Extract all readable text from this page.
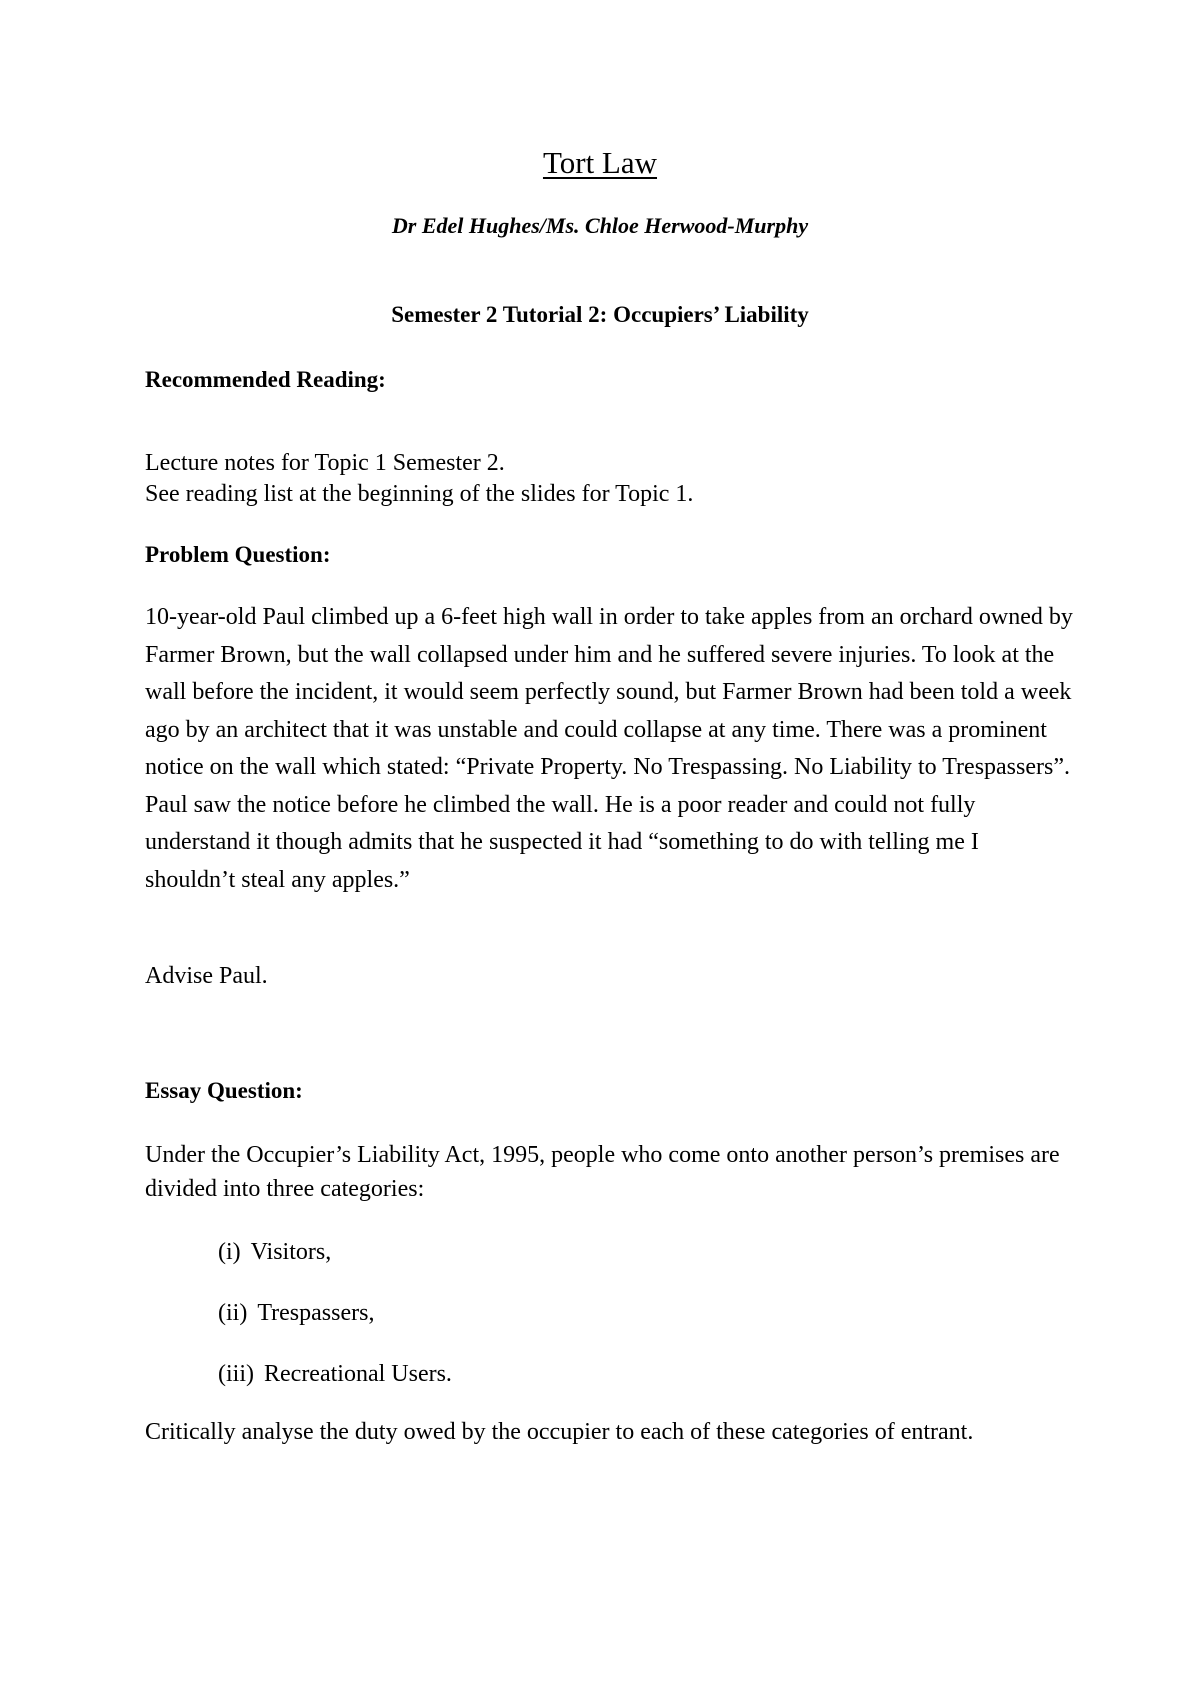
Tort Law
Dr Edel Hughes/Ms. Chloe Herwood-Murphy
Semester 2 Tutorial 2: Occupiers’ Liability
Recommended Reading:
Lecture notes for Topic 1 Semester 2.
See reading list at the beginning of the slides for Topic 1.
Problem Question:
10-year-old Paul climbed up a 6-feet high wall in order to take apples from an orchard owned by Farmer Brown, but the wall collapsed under him and he suffered severe injuries. To look at the wall before the incident, it would seem perfectly sound, but Farmer Brown had been told a week ago by an architect that it was unstable and could collapse at any time. There was a prominent notice on the wall which stated: “Private Property. No Trespassing. No Liability to Trespassers”. Paul saw the notice before he climbed the wall. He is a poor reader and could not fully understand it though admits that he suspected it had “something to do with telling me I shouldn’t steal any apples.”
Advise Paul.
Essay Question:
Under the Occupier’s Liability Act, 1995, people who come onto another person’s premises are divided into three categories:
(i) Visitors,
(ii) Trespassers,
(iii) Recreational Users.
Critically analyse the duty owed by the occupier to each of these categories of entrant.
